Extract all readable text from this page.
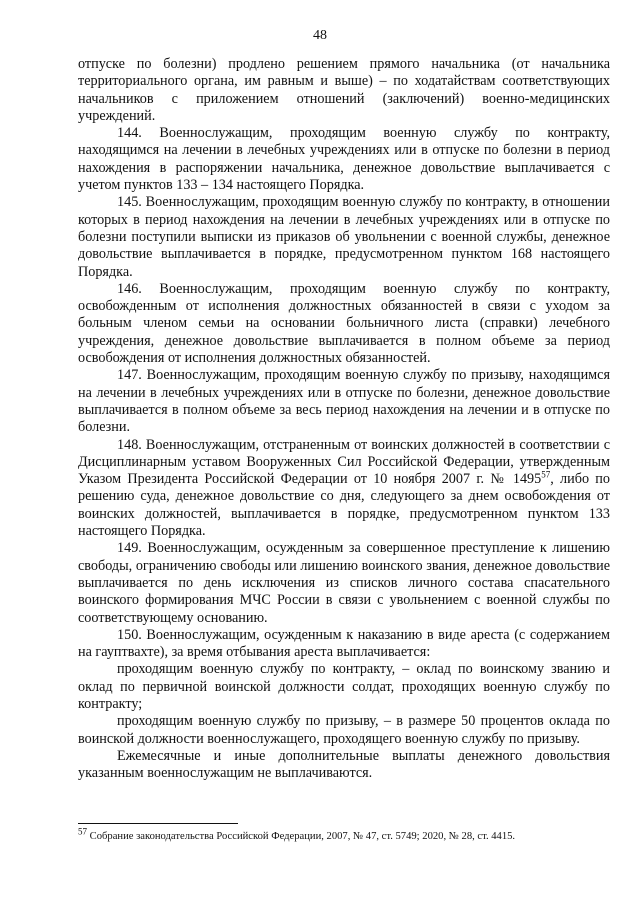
48

отпуске по болезни) продлено решением прямого начальника (от начальника территориального органа, им равным и выше) – по ходатайствам соответствующих начальников с приложением отношений (заключений) военно-медицинских учреждений.

144. Военнослужащим, проходящим военную службу по контракту, находящимся на лечении в лечебных учреждениях или в отпуске по болезни в период нахождения в распоряжении начальника, денежное довольствие выплачивается с учетом пунктов 133 – 134 настоящего Порядка.

145. Военнослужащим, проходящим военную службу по контракту, в отношении которых в период нахождения на лечении в лечебных учреждениях или в отпуске по болезни поступили выписки из приказов об увольнении с военной службы, денежное довольствие выплачивается в порядке, предусмотренном пунктом 168 настоящего Порядка.

146. Военнослужащим, проходящим военную службу по контракту, освобожденным от исполнения должностных обязанностей в связи с уходом за больным членом семьи на основании больничного листа (справки) лечебного учреждения, денежное довольствие выплачивается в полном объеме за период освобождения от исполнения должностных обязанностей.

147. Военнослужащим, проходящим военную службу по призыву, находящимся на лечении в лечебных учреждениях или в отпуске по болезни, денежное довольствие выплачивается в полном объеме за весь период нахождения на лечении и в отпуске по болезни.

148. Военнослужащим, отстраненным от воинских должностей в соответствии с Дисциплинарным уставом Вооруженных Сил Российской Федерации, утвержденным Указом Президента Российской Федерации от 10 ноября 2007 г. № 1495$^{57}$, либо по решению суда, денежное довольствие со дня, следующего за днем освобождения от воинских должностей, выплачивается в порядке, предусмотренном пунктом 133 настоящего Порядка.

149. Военнослужащим, осужденным за совершенное преступление к лишению свободы, ограничению свободы или лишению воинского звания, денежное довольствие выплачивается по день исключения из списков личного состава спасательного воинского формирования МЧС России в связи с увольнением с военной службы по соответствующему основанию.

150. Военнослужащим, осужденным к наказанию в виде ареста (с содержанием на гауптвахте), за время отбывания ареста выплачивается:

проходящим военную службу по контракту, – оклад по воинскому званию и оклад по первичной воинской должности солдат, проходящих военную службу по контракту;

проходящим военную службу по призыву, – в размере 50 процентов оклада по воинской должности военнослужащего, проходящего военную службу по призыву.

Ежемесячные и иные дополнительные выплаты денежного довольствия указанным военнослужащим не выплачиваются.

$^{57}$ Собрание законодательства Российской Федерации, 2007, № 47, ст. 5749; 2020, № 28, ст. 4415.
